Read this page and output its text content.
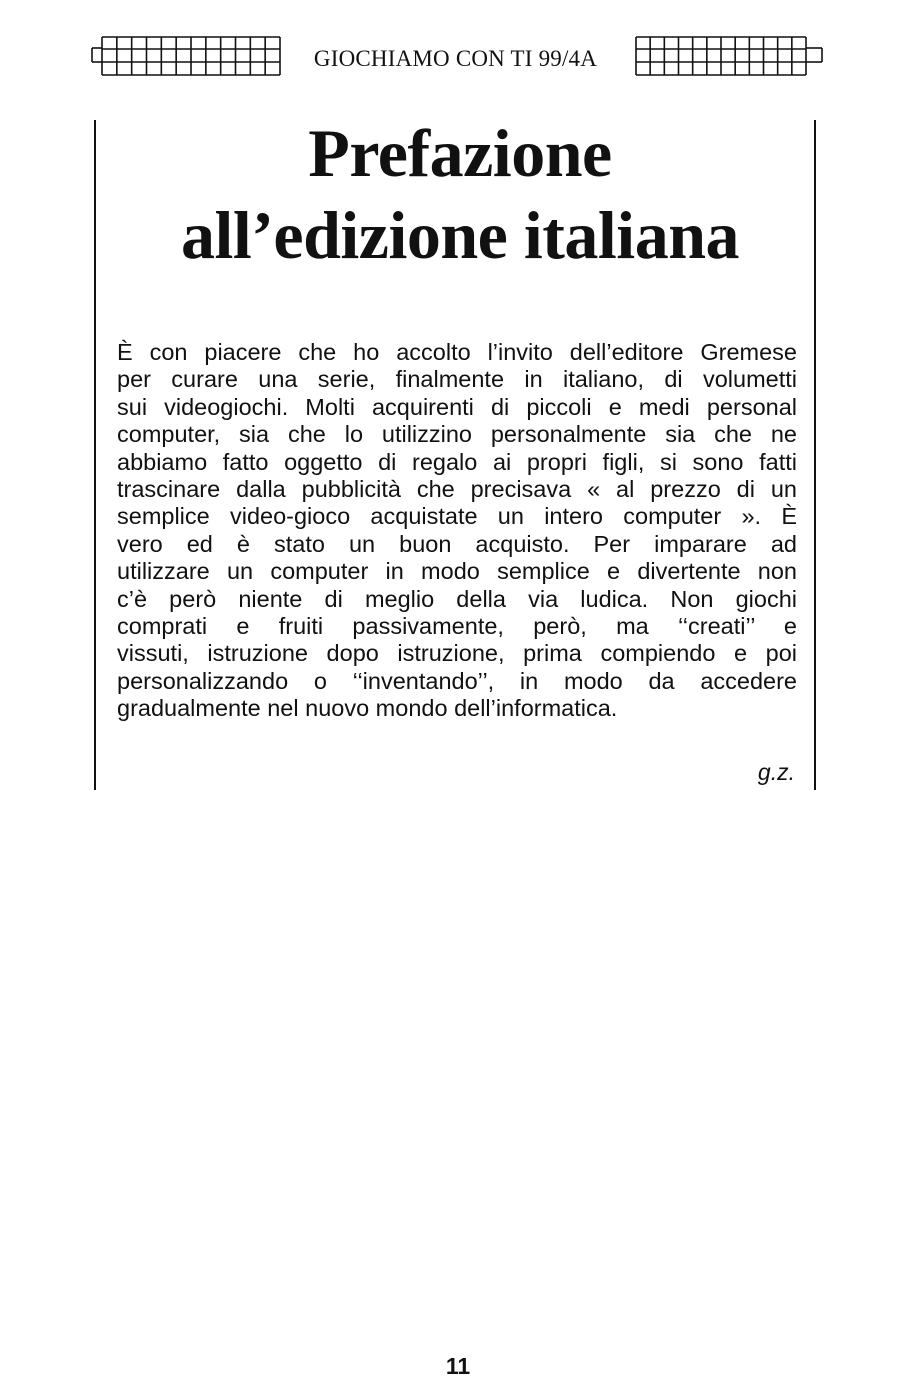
GIOCHIAMO CON TI 99/4A
Prefazione
all’edizione italiana
È con piacere che ho accolto l’invito dell’editore Gremese
per curare una serie, finalmente in italiano, di volumetti
sui videogiochi. Molti acquirenti di piccoli e medi personal
computer, sia che lo utilizzino personalmente sia che ne
abbiamo fatto oggetto di regalo ai propri figli, si sono fatti
trascinare dalla pubblicità che precisava « al prezzo di un
semplice video-gioco acquistate un intero computer ». È
vero ed è stato un buon acquisto. Per imparare ad
utilizzare un computer in modo semplice e divertente non
c’è però niente di meglio della via ludica. Non giochi
comprati e fruiti passivamente, però, ma ‘‘creati’’ e
vissuti, istruzione dopo istruzione, prima compiendo e poi
personalizzando o ‘‘inventando’’, in modo da accedere
gradualmente nel nuovo mondo dell’informatica.
g.z.
11
